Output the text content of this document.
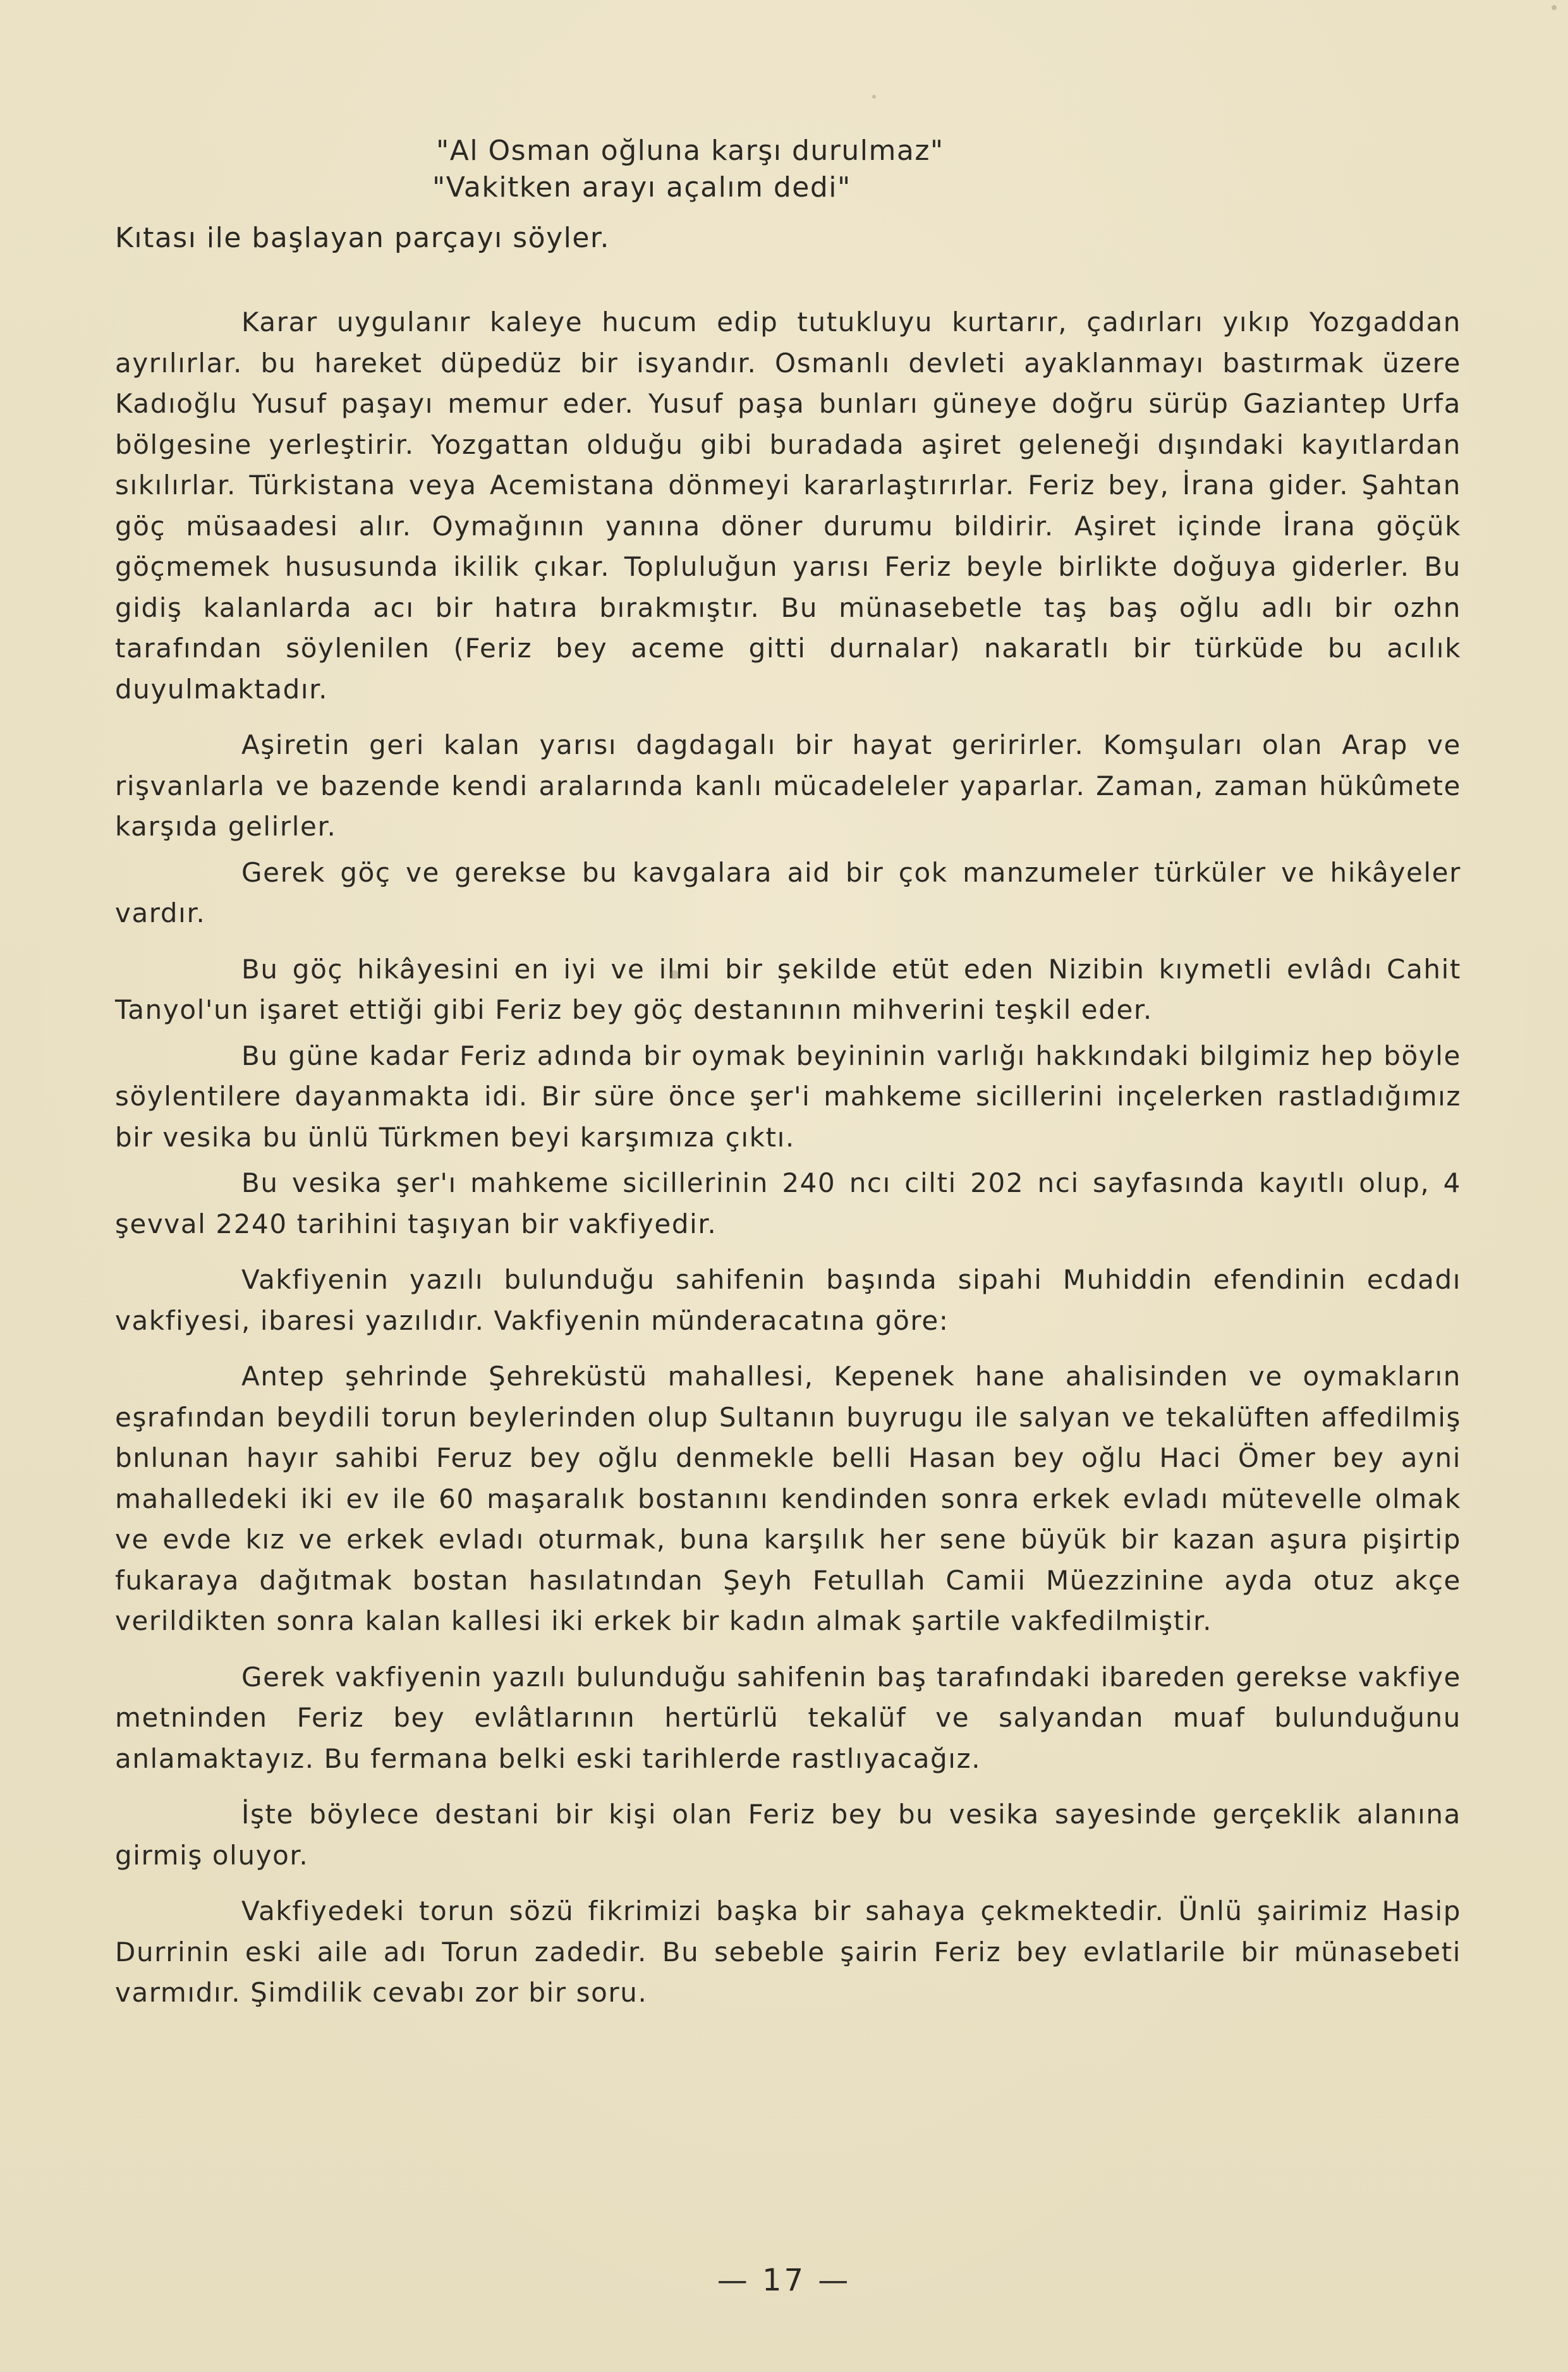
"Al Osman oğluna karşı durulmaz"
"Vakitken arayı açalım dedi"
Kıtası ile başlayan parçayı söyler.

Karar uygulanır kaleye hucum edip tutukluyu kurtarır, çadırları yıkıp Yozgaddan ayrılırlar. bu hareket düpedüz bir isyandır. Osmanlı devleti ayaklanmayı bastırmak üzere Kadıoğlu Yusuf paşayı memur eder. Yusuf paşa bunları güneye doğru sürüp Gaziantep Urfa bölgesine yerleştirir. Yozgattan olduğu gibi buradada aşiret geleneği dışındaki kayıtlardan sıkılırlar. Türkistana veya Acemistana dönmeyi kararlaştırırlar. Feriz bey, İrana gider. Şahtan göç müsaadesi alır. Oymağının yanına döner durumu bildirir. Aşiret içinde İrana göçük göçmemek hususunda ikilik çıkar. Topluluğun yarısı Feriz beyle birlikte doğuya giderler. Bu gidiş kalanlarda acı bir hatıra bırakmıştır. Bu münasebetle taş baş oğlu adlı bir ozhn tarafından söylenilen (Feriz bey aceme gitti durnalar) nakaratlı bir türküde bu acılık duyulmaktadır.

Aşiretin geri kalan yarısı dagdagalı bir hayat geririrler. Komşuları olan Arap ve rişvanlarla ve bazende kendi aralarında kanlı mücadeleler yaparlar. Zaman, zaman hükûmete karşıda gelirler.

Gerek göç ve gerekse bu kavgalara aid bir çok manzumeler türküler ve hikâyeler vardır.

Bu göç hikâyesini en iyi ve ilmi bir şekilde etüt eden Nizibin kıymetli evlâdı Cahit Tanyol'un işaret ettiği gibi Feriz bey göç destanının mihverini teşkil eder.

Bu güne kadar Feriz adında bir oymak beyininin varlığı hakkındaki bilgimiz hep böyle söylentilere dayanmakta idi. Bir süre önce şer'i mahkeme sicillerini inçelerken rastladığımız bir vesika bu ünlü Türkmen beyi karşımıza çıktı.

Bu vesika şer'ı mahkeme sicillerinin 240 ncı cilti 202 nci sayfasında kayıtlı olup, 4 şevval 2240 tarihini taşıyan bir vakfiyedir.

Vakfiyenin yazılı bulunduğu sahifenin başında sipahi Muhiddin efendinin ecdadı vakfiyesi, ibaresi yazılıdır. Vakfiyenin münderacatına göre:

Antep şehrinde Şehreküstü mahallesi, Kepenek hane ahalisinden ve oymakların eşrafından beydili torun beylerinden olup Sultanın buyrugu ile salyan ve tekalüften affedilmiş bnlunan hayır sahibi Feruz bey oğlu denmekle belli Hasan bey oğlu Haci Ömer bey ayni mahalledeki iki ev ile 60 maşaralık bostanını kendinden sonra erkek evladı mütevelle olmak ve evde kız ve erkek evladı oturmak, buna karşılık her sene büyük bir kazan aşura pişirtip fukaraya dağıtmak bostan hasılatından Şeyh Fetullah Camii Müezzinine ayda otuz akçe verildikten sonra kalan kallesi iki erkek bir kadın almak şartile vakfedilmiştir.

Gerek vakfiyenin yazılı bulunduğu sahifenin baş tarafındaki ibareden gerekse vakfiye metninden Feriz bey evlâtlarının hertürlü tekalüf ve salyandan muaf bulunduğunu anlamaktayız. Bu fermana belki eski tarihlerde rastlıyacağız.

İşte böylece destani bir kişi olan Feriz bey bu vesika sayesinde gerçeklik alanına girmiş oluyor.

Vakfiyedeki torun sözü fikrimizi başka bir sahaya çekmektedir. Ünlü şairimiz Hasip Durrinin eski aile adı Torun zadedir. Bu sebeble şairin Feriz bey evlatlarile bir münasebeti varmıdır. Şimdilik cevabı zor bir soru.

— 17 —
